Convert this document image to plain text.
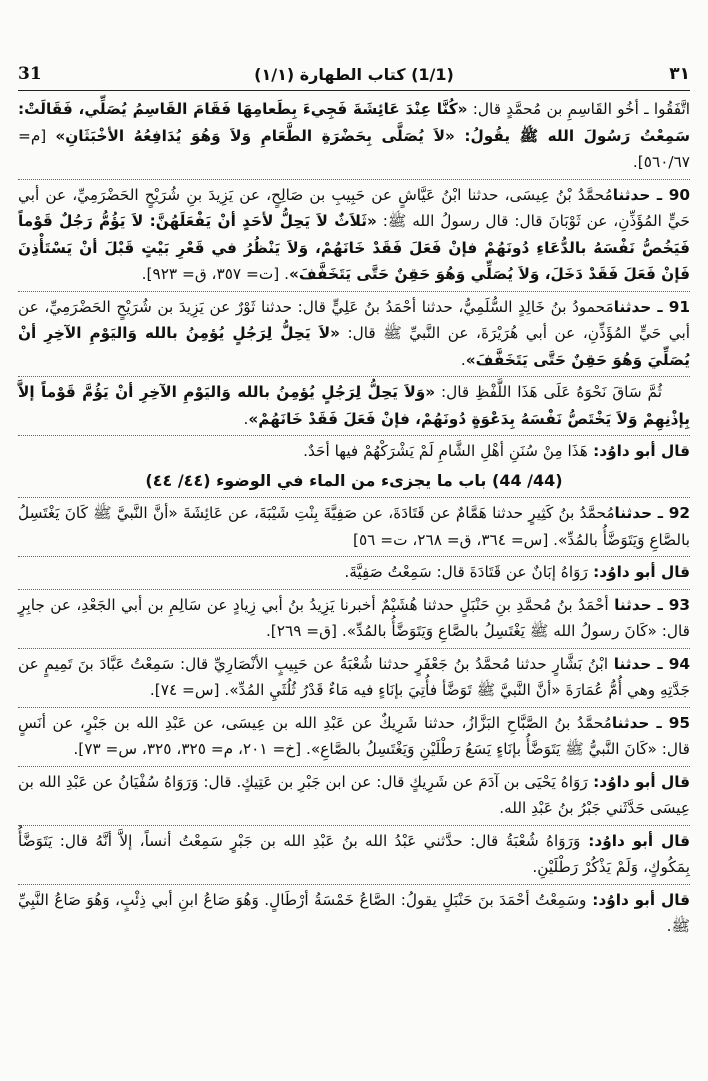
31	(1/1) كتاب الطهارة (١/١)	٣١

اتَّفَقُوا ـ أخُو القَاسِمِ بن مُحمَّدٍ قال: «كُنَّا عِنْدَ عَائِشَةَ فَجِيءَ بِطَعامِهَا فَقَامَ القَاسِمُ يُصَلِّي، فَقَالَتْ: سَمِعْتُ رَسُولَ الله ﷺ يقُولُ: «لاَ يُصَلَّى بِحَضْرَةِ الطَّعَامِ وَلاَ وَهُوَ يُدَافِعُهُ الأخْبَثَانِ» [م= ٥٦٠/٦٧].

90 ـ حدثنامُحمَّدُ بْنُ عِيسَى، حدثنا ابْنُ عَيَّاشٍ عن حَبِيبِ بن صَالِحٍ، عن يَزِيدَ بنِ شُرَيْحٍ الحَضْرَمِيِّ، عن أبي حَيٍّ المُؤَذِّنِ، عن ثَوْبَانَ قال: قال رسولُ الله ﷺ: «ثَلاَثٌ لاَ يَحِلُّ لأحَدٍ أنْ يَفْعَلَهُنَّ: لاَ يَؤُمُّ رَجُلٌ قَوْماً فَيَخُصُّ نَفْسَهُ بالدُّعَاءِ دُونَهُمْ فإنْ فَعَلَ فَقَدْ خَانَهُمْ، وَلاَ يَنْظُرُ في قَعْرِ بَيْتٍ قَبْلَ أنْ يَسْتَأْذِنَ فَإنْ فَعَلَ فَقَدْ دَخَلَ، وَلاَ يُصَلِّي وَهُوَ حَقِنٌ حَتَّى يَتَخَفَّفَ». [ت= ٣٥٧، ق= ٩٢٣].

91 ـ حدثنامَحمودُ بنُ خَالِدٍ السُّلَمِيُّ، حدثنا أحْمَدُ بنُ عَلِيٍّ قال: حدثنا ثَوْرٌ عن يَزِيدَ بن شُرَيْحٍ الحَضْرَمِيِّ، عن أبي حَيٍّ المُؤَذِّنِ، عن أبي هُرَيْرَةَ، عن النَّبيِّ ﷺ قال: «لاَ يَحِلُّ لِرَجُلٍ يُؤمِنُ بالله وَاليَوْمِ الآخِرِ أنْ يُصَلِّيَ وَهُوَ حَقِنٌ حَتَّى يَتَخَفَّفَ».

ثُمَّ سَاقَ نَحْوَهُ عَلَى هَذَا اللَّفْظِ قال: «وَلاَ يَحِلُّ لِرَجُلٍ يُؤمِنُ بالله وَاليَوْمِ الآخِرِ أنْ يَؤُمَّ قَوْماً إلاَّ بِإذْنِهِمْ وَلاَ يَخْتَصُّ نَفْسَهُ بِدَعْوَةٍ دُونَهُمْ، فإنْ فَعَلَ فَقَدْ خَانَهُمْ».

قال أبو داوُد: هَذَا مِنْ سُنَنِ أهْلِ الشَّامِ لَمْ يَشْرَكْهُمْ فيها أحَدٌ.

(44/ 44) باب ما يجزىء من الماء في الوضوء (٤٤/ ٤٤)

92 ـ حدثنامُحمَّدُ بنُ كَثِيرٍ حدثنا هَمَّامٌ عن قَتَادَةَ، عن صَفِيَّةَ بِنْتِ شَيْبَةَ، عن عَائِشَةَ «أنَّ النَّبيَّ ﷺ كَانَ يَغْتَسِلُ بالصَّاعِ وَيَتَوَضَّأُ بالمُدِّ». [س= ٣٦٤، ق= ٢٦٨، ت= ٥٦]

قال أبو داوُد: رَوَاهُ إبَانٌ عن قَتَادَةَ قال: سَمِعْتُ صَفِيَّةَ.

93 ـ حدثنا أحْمَدُ بنُ مُحمَّدِ بنِ حَنْبَلٍ حدثنا هُشَيْمٌ أخبرنا يَزِيدُ بنُ أبي زِيادٍ عن سَالِمِ بن أبي الجَعْدِ، عن جابِرٍ قال: «كَانَ رسولُ الله ﷺ يَغْتَسِلُ بالصَّاعِ وَيَتَوَضَّأُ بالمُدِّ». [ق= ٢٦٩].

94 ـ حدثنا ابْنُ بَشَّارٍ حدثنا مُحمَّدُ بنُ جَعْفَرٍ حدثنا شُعْبَةُ عن حَبِيبٍ الأنْصَارِيِّ قال: سَمِعْتُ عَبَّادَ بنَ تَمِيمٍ عن جَدَّتِهِ وهي أُمُّ عُمَارَةَ «أنَّ النَّبيَّ ﷺ تَوَضَّأ فأُتِيَ بإنَاءٍ فيه مَاءٌ قَدْرُ ثُلُثَيِ المُدِّ». [س= ٧٤].

95 ـ حدثنامُحمَّدُ بنُ الصَّبَّاحِ البَزَّازُ، حدثنا شَرِيكٌ عن عَبْدِ الله بن عِيسَى، عن عَبْدِ الله بن جَبْرٍ، عن أنَسٍ قال: «كَانَ النَّبيُّ ﷺ يَتَوَضَّأُ بإنَاءٍ يَسَعُ رَطْلَيْنِ وَيَغْتَسِلُ بالصَّاعِ». [خ= ٢٠١، م= ٣٢٥، ٣٢٥، س= ٧٣].

قال أبو داوُد: رَوَاهُ يَحْيَى بن آدَمَ عن شَرِيكٍ قال: عن ابن جَبْرِ بن عَتِيكٍ. قال: وَرَوَاهُ سُفْيَانُ عن عَبْدِ الله بن عِيسَى حَدَّثَني جَبْرُ بنُ عَبْدِ الله.

قال أبو داوُد: وَرَوَاهُ شُعْبَةُ قال: حدَّثني عَبْدُ الله بنُ عَبْدِ الله بن جَبْرٍ سَمِعْتُ أنساً، إلاَّ أنَّهُ قال: يَتَوَضَّأُ بِمَكُوكٍ، وَلَمْ يَذْكُرْ رَطْلَيْنِ.

قال أبو داوُد: وسَمِعْتُ أحْمَدَ بنَ حَنْبَلٍ يقولُ: الصَّاعُ خَمْسَةُ أرْطَالٍ. وَهُوَ صَاعُ ابنِ أبي ذِئْبٍ، وَهُوَ صَاعُ النَّبِيِّ ﷺ.
